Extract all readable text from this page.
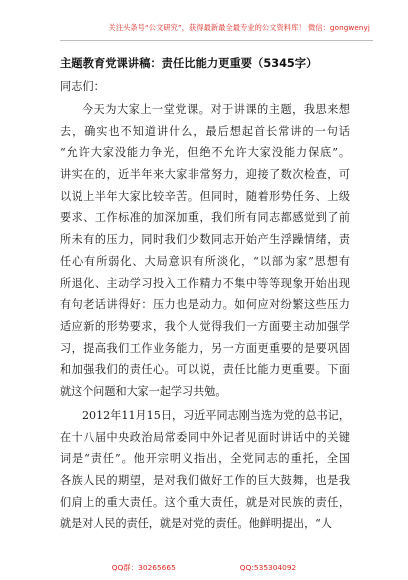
关注头条号“公文研究”，获得最新最全最专业的公文资料库！ 微信：gongwenyj
主题教育党课讲稿：责任比能力更重要（5345字）
同志们：
今天为大家上一堂党课。对于讲课的主题，我思来想
去，确实也不知道讲什么，最后想起首长常讲的一句话
“允许大家没能力争光，但绝不允许大家没能力保底”。
讲实在的，近半年来大家非常努力，迎接了数次检查，可
以说上半年大家比较辛苦。但同时，随着形势任务、上级
要求、工作标准的加深加重，我们所有同志都感觉到了前
所未有的压力，同时我们少数同志开始产生浮躁情绪，责
任心有所弱化、大局意识有所淡化，“以部为家”思想有
所退化、主动学习投入工作精力不集中等等现象开始出现
有句老话讲得好：压力也是动力。如何应对纷繁这些压力
适应新的形势要求，我个人觉得我们一方面要主动加强学
习，提高我们工作业务能力，另一方面更重要的是要巩固
和加强我们的责任心。可以说，责任比能力更重要。下面
就这个问题和大家一起学习共勉。
2012年11月15日，习近平同志刚当选为党的总书记，
在十八届中央政治局常委同中外记者见面时讲话中的关键
词是“责任”。他开宗明义指出，全党同志的重托，全国
各族人民的期望，是对我们做好工作的巨大鼓舞，也是我
们肩上的重大责任。这个重大责任，就是对民族的责任，
就是对人民的责任，就是对党的责任。他鲜明提出，“人
QQ群：30265665	QQ:535304092
